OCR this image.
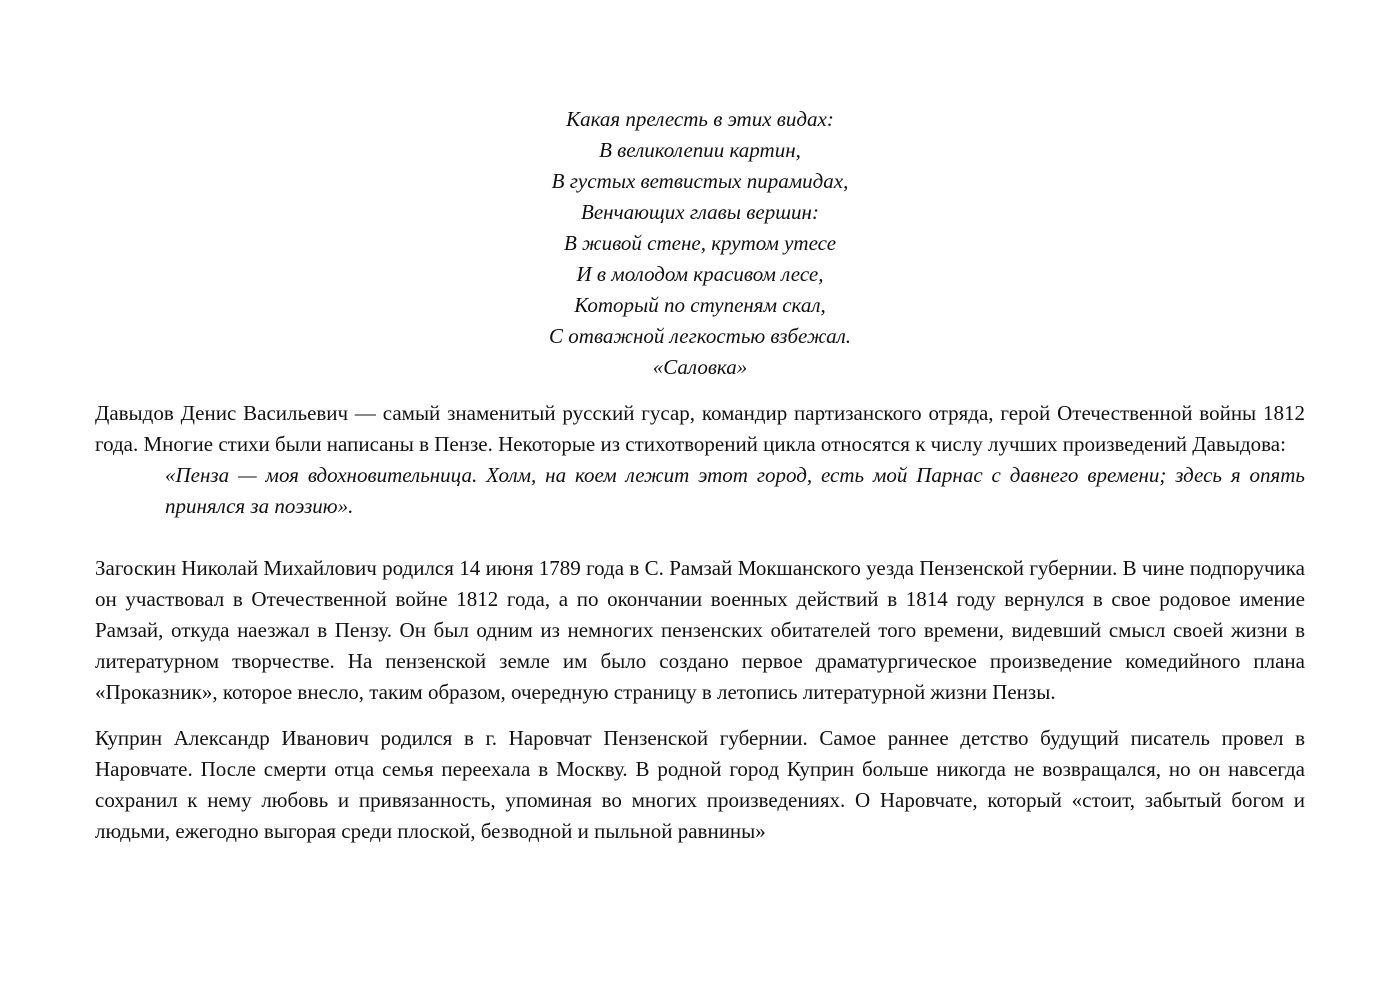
Какая прелесть в этих видах:
В великолепии картин,
В густых ветвистых пирамидах,
Венчающих главы вершин:
В живой стене, крутом утесе
И в молодом красивом лесе,
Который по ступеням скал,
С отважной легкостью взбежал.
«Саловка»

Давыдов Денис Васильевич — самый знаменитый русский гусар, командир партизанского отряда, герой Отечественной войны 1812 года. Многие стихи были написаны в Пензе. Некоторые из стихотворений цикла относятся к числу лучших произведений Давыдова:

«Пенза — моя вдохновительница. Холм, на коем лежит этот город, есть мой Парнас с давнего времени; здесь я опять принялся за поэзию».

Загоскин Николай Михайлович родился 14 июня 1789 года в С. Рамзай Мокшанского уезда Пензенской губернии. В чине подпоручика он участвовал в Отечественной войне 1812 года, а по окончании военных действий в 1814 году вернулся в свое родовое имение Рамзай, откуда наезжал в Пензу. Он был одним из немногих пензенских обитателей того времени, видевший смысл своей жизни в литературном творчестве. На пензенской земле им было создано первое драматургическое произведение комедийного плана «Проказник», которое внесло, таким образом, очередную страницу в летопись литературной жизни Пензы.

Куприн Александр Иванович родился в г. Наровчат Пензенской губернии. Самое раннее детство будущий писатель провел в Наровчате. После смерти отца семья переехала в Москву. В родной город Куприн больше никогда не возвращался, но он навсегда сохранил к нему любовь и привязанность, упоминая во многих произведениях. О Наровчате, который «стоит, забытый богом и людьми, ежегодно выгорая среди плоской, безводной и пыльной равнины»
